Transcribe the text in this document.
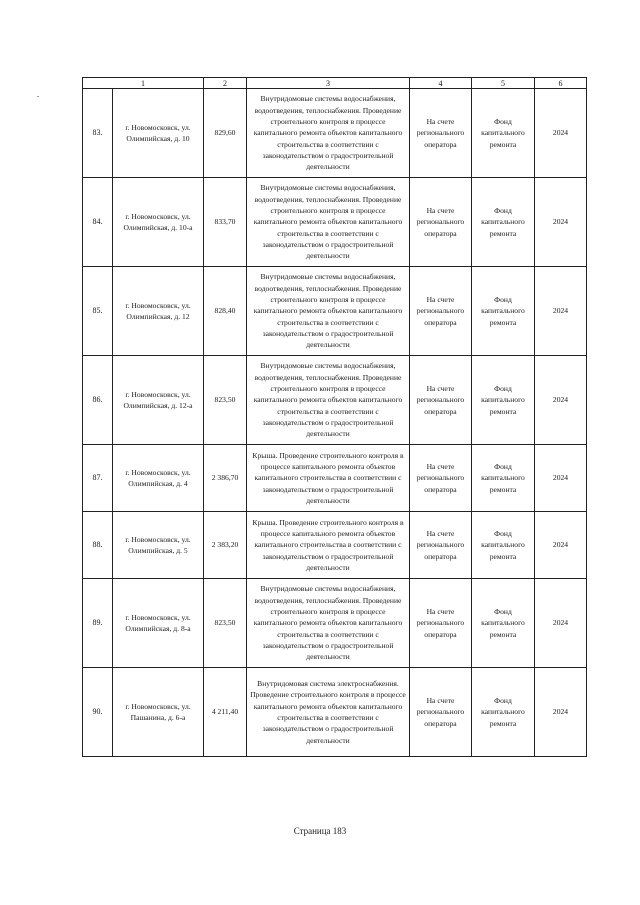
1		2	3	4	5	6
83.	г. Новомосковск, ул. Олимпийская, д. 10	829,60	Внутридомовые системы водоснабжения, водоотведения, теплоснабжения. Проведение строительного контроля в процессе капитального ремонта объектов капитального строительства в соответствии с законодательством о градостроительной деятельности	На счете регионального оператора	Фонд капитального ремонта	2024
84.	г. Новомосковск, ул. Олимпийская, д. 10-а	833,70	Внутридомовые системы водоснабжения, водоотведения, теплоснабжения. Проведение строительного контроля в процессе капитального ремонта объектов капитального строительства в соответствии с законодательством о градостроительной деятельности	На счете регионального оператора	Фонд капитального ремонта	2024
85.	г. Новомосковск, ул. Олимпийская, д. 12	828,40	Внутридомовые системы водоснабжения, водоотведения, теплоснабжения. Проведение строительного контроля в процессе капитального ремонта объектов капитального строительства в соответствии с законодательством о градостроительной деятельности	На счете регионального оператора	Фонд капитального ремонта	2024
86.	г. Новомосковск, ул. Олимпийская, д. 12-а	823,50	Внутридомовые системы водоснабжения, водоотведения, теплоснабжения. Проведение строительного контроля в процессе капитального ремонта объектов капитального строительства в соответствии с законодательством о градостроительной деятельности	На счете регионального оператора	Фонд капитального ремонта	2024
87.	г. Новомосковск, ул. Олимпийская, д. 4	2 386,70	Крыша. Проведение строительного контроля в процессе капитального ремонта объектов капитального строительства в соответствии с законодательством о градостроительной деятельности	На счете регионального оператора	Фонд капитального ремонта	2024
88.	г. Новомосковск, ул. Олимпийская, д. 5	2 383,20	Крыша. Проведение строительного контроля в процессе капитального ремонта объектов капитального строительства в соответствии с законодательством о градостроительной деятельности	На счете регионального оператора	Фонд капитального ремонта	2024
89.	г. Новомосковск, ул. Олимпийская, д. 8-а	823,50	Внутридомовые системы водоснабжения, водоотведения, теплоснабжения. Проведение строительного контроля в процессе капитального ремонта объектов капитального строительства в соответствии с законодательством о градостроительной деятельности	На счете регионального оператора	Фонд капитального ремонта	2024
90.	г. Новомосковск, ул. Пашанина, д. 6-а	4 211,40	Внутридомовая система электроснабжения. Проведение строительного контроля в процессе капитального ремонта объектов капитального строительства в соответствии с законодательством о градостроительной деятельности	На счете регионального оператора	Фонд капитального ремонта	2024
Страница 183
